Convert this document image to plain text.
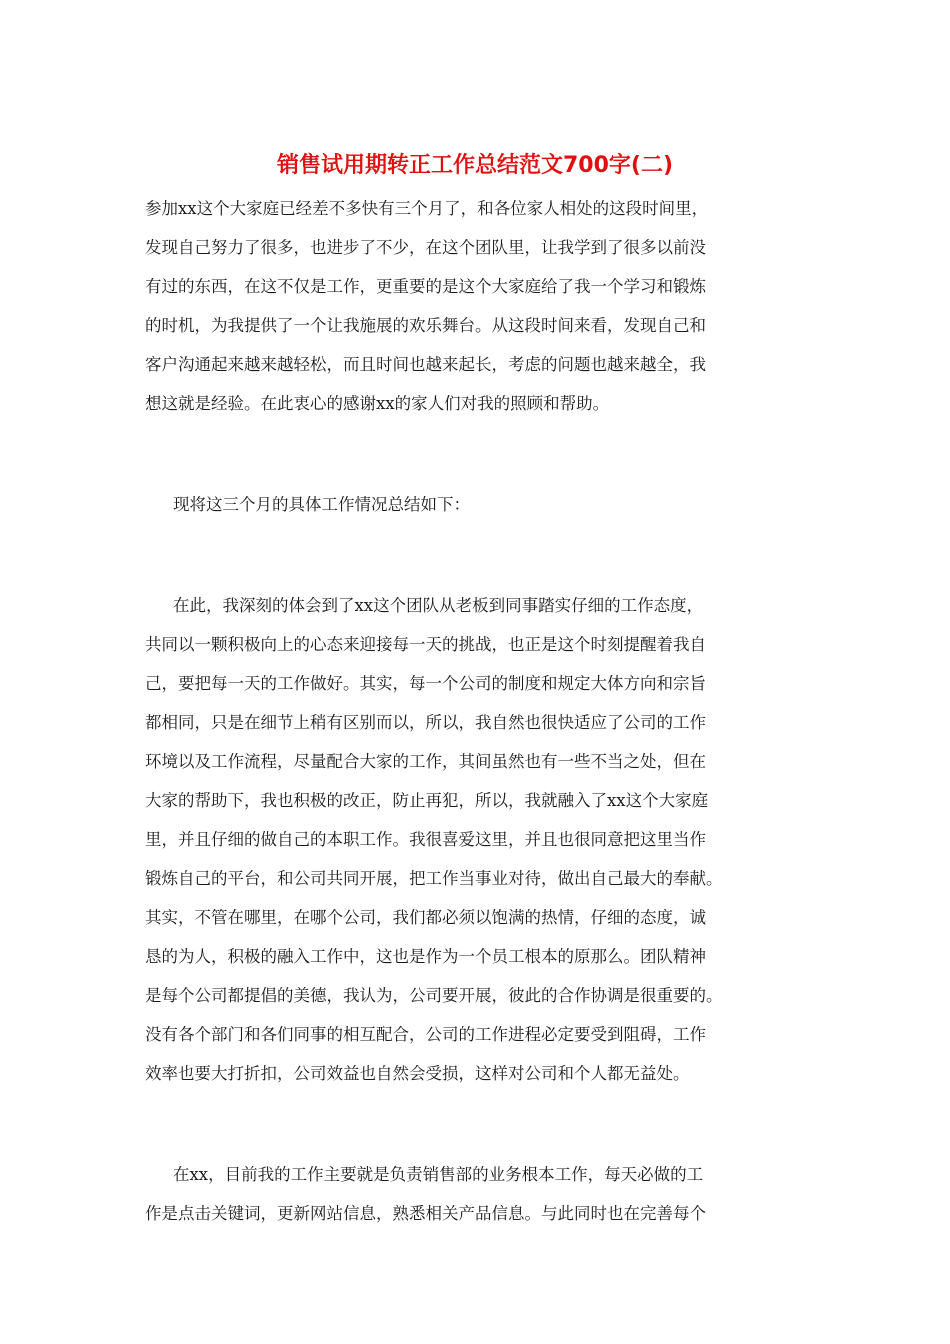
销售试用期转正工作总结范文700字(二)
参加xx这个大家庭已经差不多快有三个月了，和各位家人相处的这段时间里，
发现自己努力了很多，也进步了不少，在这个团队里，让我学到了很多以前没
有过的东西，在这不仅是工作，更重要的是这个大家庭给了我一个学习和锻炼
的时机，为我提供了一个让我施展的欢乐舞台。从这段时间来看，发现自己和
客户沟通起来越来越轻松，而且时间也越来起长，考虑的问题也越来越全，我
想这就是经验。在此衷心的感谢xx的家人们对我的照顾和帮助。
现将这三个月的具体工作情况总结如下：
在此，我深刻的体会到了xx这个团队从老板到同事踏实仔细的工作态度，
共同以一颗积极向上的心态来迎接每一天的挑战，也正是这个时刻提醒着我自
己，要把每一天的工作做好。其实，每一个公司的制度和规定大体方向和宗旨
都相同，只是在细节上稍有区别而以，所以，我自然也很快适应了公司的工作
环境以及工作流程，尽量配合大家的工作，其间虽然也有一些不当之处，但在
大家的帮助下，我也积极的改正，防止再犯，所以，我就融入了xx这个大家庭
里，并且仔细的做自己的本职工作。我很喜爱这里，并且也很同意把这里当作
锻炼自己的平台，和公司共同开展，把工作当事业对待，做出自己最大的奉献。
其实，不管在哪里，在哪个公司，我们都必须以饱满的热情，仔细的态度，诚
恳的为人，积极的融入工作中，这也是作为一个员工根本的原那么。团队精神
是每个公司都提倡的美德，我认为，公司要开展，彼此的合作协调是很重要的。
没有各个部门和各们同事的相互配合，公司的工作进程必定要受到阻碍，工作
效率也要大打折扣，公司效益也自然会受损，这样对公司和个人都无益处。
在xx，目前我的工作主要就是负责销售部的业务根本工作，每天必做的工
作是点击关键词，更新网站信息，熟悉相关产品信息。与此同时也在完善每个
